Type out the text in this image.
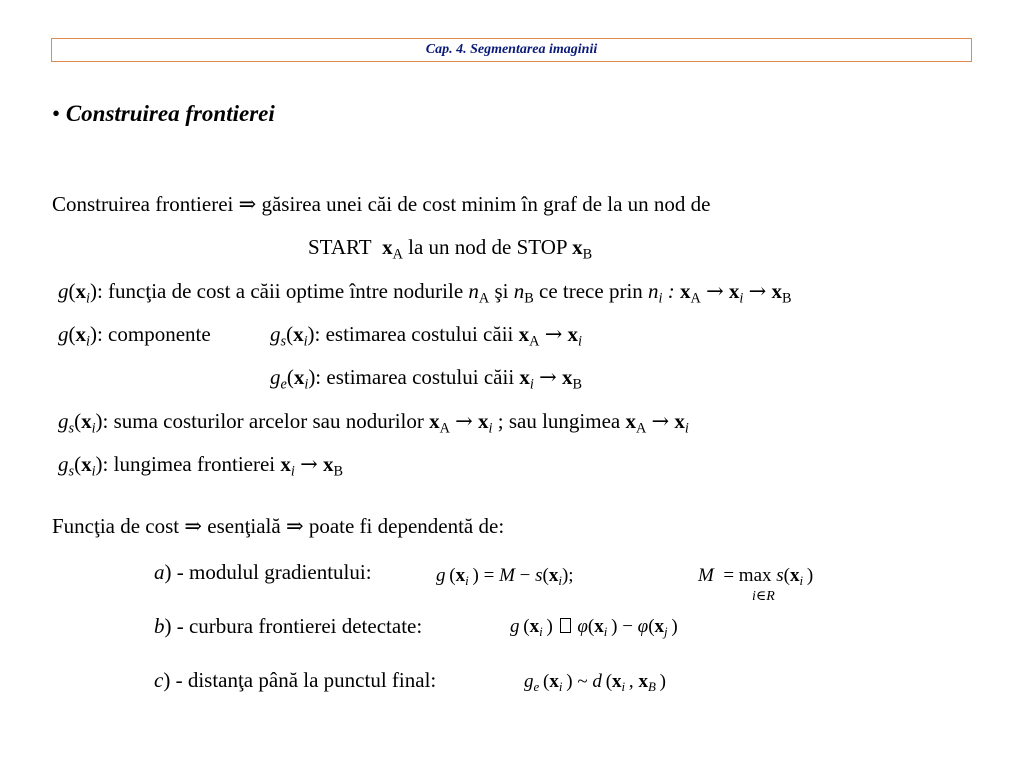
Cap. 4. Segmentarea imaginii
• Construirea frontierei
Construirea frontierei ⇒ găsirea unei căi de cost minim în graf de la un nod de
START $x_A$ la un nod de STOP $x_B$
$g(x_i)$: funcţia de cost a căii optime între nodurile $n_A$ şi $n_B$ ce trece prin $n_i$ : $x_A \to x_i \to x_B$
$g(x_i)$: componente	$g_s(x_i)$: estimarea costului căii $x_A \to x_i$
$g_e(x_i)$: estimarea costului căii $x_i \to x_B$
$g_s(x_i)$: suma costurilor arcelor sau nodurilor $x_A \to x_i$ ; sau lungimea $x_A \to x_i$
$g_s(x_i)$: lungimea frontierei $x_i \to x_B$
Funcţia de cost ⇒ esenţială ⇒ poate fi dependentă de:
a) - modulul gradientului:	g ($x_i$ ) = $M - s(x_i)$;	$M = \max s(x_i$ )
i∈R
b) - curbura frontierei detectate:	g ($x_i$ )  $\varphi(x_i$ ) − $\varphi(x_j$ )
c) - distanţa până la punctul final:	$g_e$ ($x_i$ ) ~ d ($x_i$ , $x_B$ )
